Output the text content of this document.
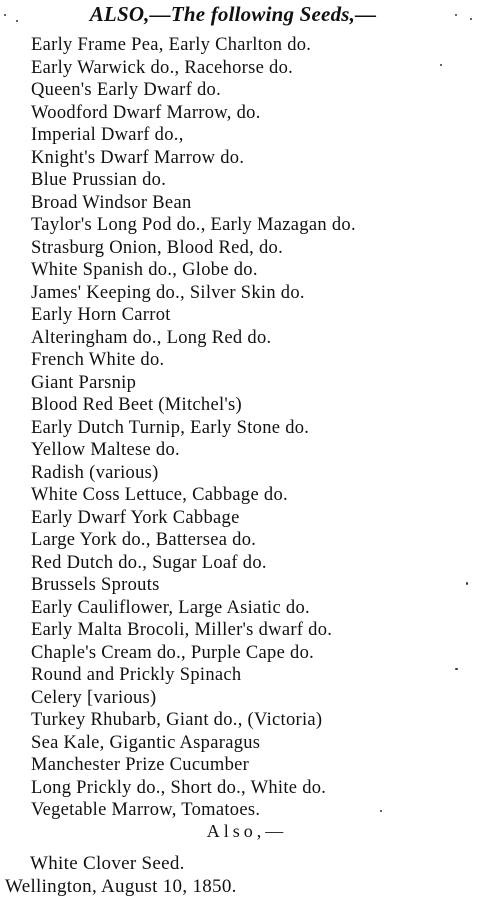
ALSO,—The following Seeds,—
Early Frame Pea, Early Charlton do.
Early Warwick do., Racehorse do.
Queen's Early Dwarf do.
Woodford Dwarf Marrow, do.
Imperial Dwarf do.,
Knight's Dwarf Marrow do.
Blue Prussian do.
Broad Windsor Bean
Taylor's Long Pod do., Early Mazagan do.
Strasburg Onion, Blood Red, do.
White Spanish do., Globe do.
James' Keeping do., Silver Skin do.
Early Horn Carrot
Alteringham do., Long Red do.
French White do.
Giant Parsnip
Blood Red Beet (Mitchel's)
Early Dutch Turnip, Early Stone do.
Yellow Maltese do.
Radish (various)
White Coss Lettuce, Cabbage do.
Early Dwarf York Cabbage
Large York do., Battersea do.
Red Dutch do., Sugar Loaf do.
Brussels Sprouts
Early Cauliflower, Large Asiatic do.
Early Malta Brocoli, Miller's dwarf do.
Chaple's Cream do., Purple Cape do.
Round and Prickly Spinach
Celery [various)
Turkey Rhubarb, Giant do., (Victoria)
Sea Kale, Gigantic Asparagus
Manchester Prize Cucumber
Long Prickly do., Short do., White do.
Vegetable Marrow, Tomatoes.
Also,—
White Clover Seed.
Wellington, August 10, 1850.
